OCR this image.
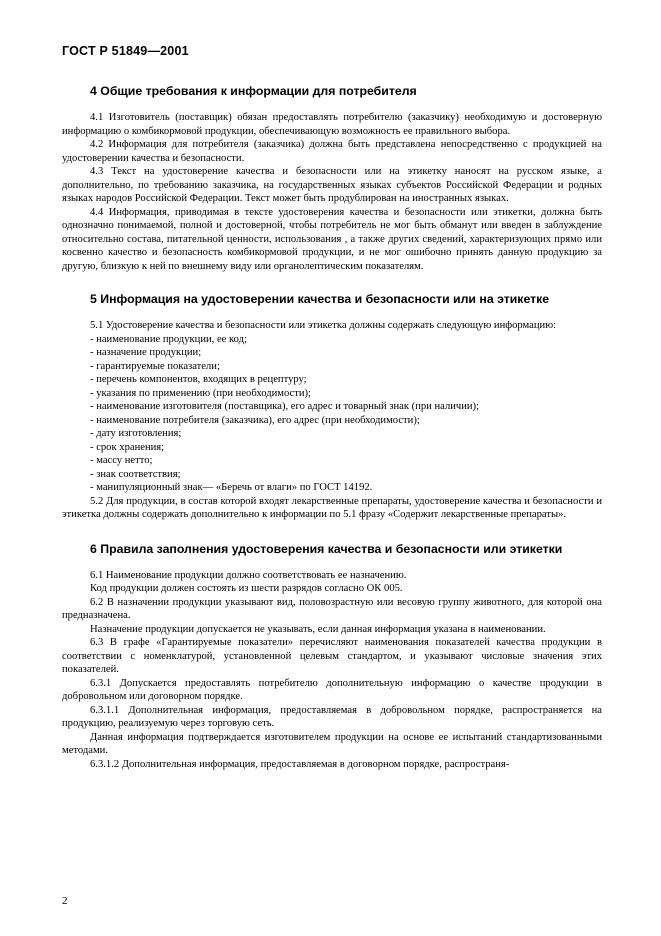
ГОСТ Р 51849—2001
4 Общие требования к информации для потребителя

4.1 Изготовитель (поставщик) обязан предоставлять потребителю (заказчику) необходимую и достоверную информацию о комбикормовой продукции, обеспечивающую возможность ее правильного выбора.

4.2 Информация для потребителя (заказчика) должна быть представлена непосредственно с продукцией на удостоверении качества и безопасности.

4.3 Текст на удостоверение качества и безопасности или на этикетку наносят на русском языке, а дополнительно, по требованию заказчика, на государственных языках субъектов Российской Федерации и родных языках народов Российской Федерации. Текст может быть продублирован на иностранных языках.

4.4 Информация, приводимая в тексте удостоверения качества и безопасности или этикетки, должна быть однозначно понимаемой, полной и достоверной, чтобы потребитель не мог быть обманут или введен в заблуждение относительно состава, питательной ценности, использования , а также других сведений, характеризующих прямо или косвенно качество и безопасность комбикормовой продукции, и не мог ошибочно принять данную продукцию за другую, близкую к ней по внешнему виду или органолептическим показателям.

5 Информация на удостоверении качества и безопасности или на этикетке

5.1 Удостоверение качества и безопасности или этикетка должны содержать следующую информацию:

- наименование продукции, ее код;
- назначение продукции;
- гарантируемые показатели;
- перечень компонентов, входящих в рецептуру;
- указания по применению (при необходимости);
- наименование изготовителя (поставщика), его адрес и товарный знак (при наличии);
- наименование потребителя (заказчика), его адрес (при необходимости);
- дату изготовления;
- срок хранения;
- массу нетто;
- знак соответствия;
- манипуляционный знак— «Беречь от влаги» по ГОСТ 14192.

5.2 Для продукции, в состав которой входят лекарственные препараты, удостоверение качества и безопасности и этикетка должны содержать дополнительно к информации по 5.1 фразу «Содержит лекарственные препараты».

6 Правила заполнения удостоверения качества и безопасности или этикетки

6.1 Наименование продукции должно соответствовать ее назначению.

Код продукции должен состоять из шести разрядов согласно ОК 005.

6.2 В назначении продукции указывают вид, половозрастную или весовую группу животного, для которой она предназначена.

Назначение продукции допускается не указывать, если данная информация указана в наименовании.

6.3 В графе «Гарантируемые показатели» перечисляют наименования показателей качества продукции в соответствии с номенклатурой, установленной целевым стандартом, и указывают числовые значения этих показателей.

6.3.1 Допускается предоставлять потребителю дополнительную информацию о качестве продукции в добровольном или договорном порядке.

6.3.1.1 Дополнительная информация, предоставляемая в добровольном порядке, распространяется на продукцию, реализуемую через торговую сеть.

Данная информация подтверждается изготовителем продукции на основе ее испытаний стандартизованными методами.

6.3.1.2 Дополнительная информация, предоставляемая в договорном порядке, распространя-

2
